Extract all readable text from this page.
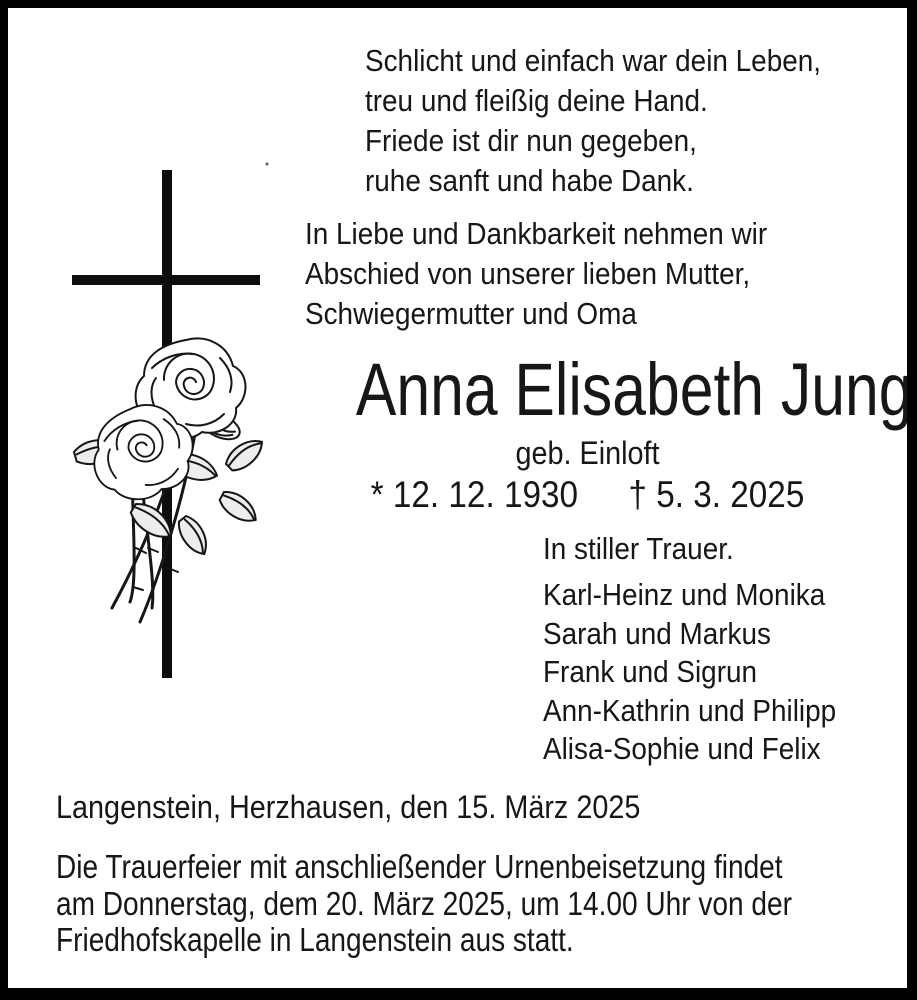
Schlicht und einfach war dein Leben,
treu und fleißig deine Hand.
Friede ist dir nun gegeben,
ruhe sanft und habe Dank.
In Liebe und Dankbarkeit nehmen wir
Abschied von unserer lieben Mutter,
Schwiegermutter und Oma
Anna Elisabeth Jung
geb. Einloft
* 12. 12. 1930 † 5. 3. 2025
In stiller Trauer.
Karl-Heinz und Monika
Sarah und Markus
Frank und Sigrun
Ann-Kathrin und Philipp
Alisa-Sophie und Felix
Langenstein, Herzhausen, den 15. März 2025
Die Trauerfeier mit anschließender Urnenbeisetzung findet
am Donnerstag, dem 20. März 2025, um 14.00 Uhr von der
Friedhofskapelle in Langenstein aus statt.
